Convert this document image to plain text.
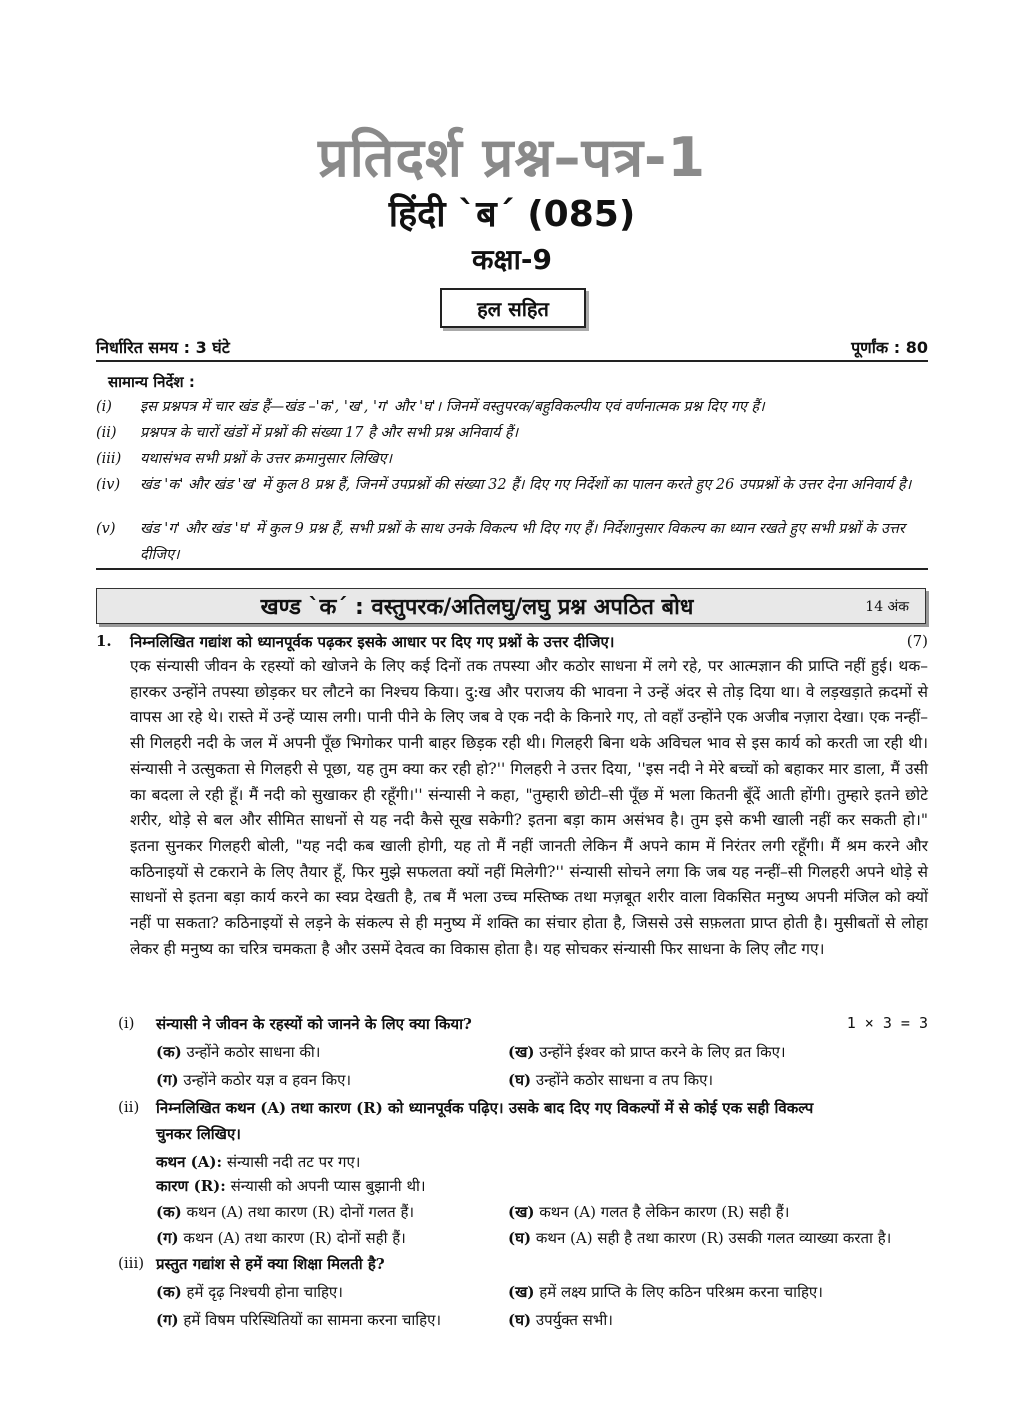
प्रतिदर्श प्रश्न–पत्र-1
हिंदी `ब´ (085)
कक्षा-9
हल सहित
निर्धारित समय : 3 घंटे	पूर्णांक : 80
सामान्य निर्देश :
(i)	इस प्रश्नपत्र में चार खंड हैं—खंड –'क', 'ख', 'ग' और 'घ'। जिनमें वस्तुपरक/बहुविकल्पीय एवं वर्णनात्मक प्रश्न दिए गए हैं।
(ii)	प्रश्नपत्र के चारों खंडों में प्रश्नों की संख्या 17 है और सभी प्रश्न अनिवार्य हैं।
(iii)	यथासंभव सभी प्रश्नों के उत्तर क्रमानुसार लिखिए।
(iv)	खंड 'क' और खंड 'ख' में कुल 8 प्रश्न हैं, जिनमें उपप्रश्नों की संख्या 32 हैं। दिए गए निर्देशों का पालन करते हुए 26 उपप्रश्नों के उत्तर देना अनिवार्य है।
(v)	खंड 'ग' और खंड 'घ' में कुल 9 प्रश्न हैं, सभी प्रश्नों के साथ उनके विकल्प भी दिए गए हैं। निर्देशानुसार विकल्प का ध्यान रखते हुए सभी प्रश्नों के उत्तर दीजिए।
खण्ड `क´ : वस्तुपरक/अतिलघु/लघु प्रश्न अपठित बोध	14 अंक
1. निम्नलिखित गद्यांश को ध्यानपूर्वक पढ़कर इसके आधार पर दिए गए प्रश्नों के उत्तर दीजिए।	(7)
एक संन्यासी जीवन के रहस्यों को खोजने के लिए कई दिनों तक तपस्या और कठोर साधना में लगे रहे, पर आत्मज्ञान की प्राप्ति नहीं हुई। थक–हारकर उन्होंने तपस्या छोड़कर घर लौटने का निश्चय किया। दु:ख और पराजय की भावना ने उन्हें अंदर से तोड़ दिया था। वे लड़खड़ाते क़दमों से वापस आ रहे थे। रास्ते में उन्हें प्यास लगी। पानी पीने के लिए जब वे एक नदी के किनारे गए, तो वहाँ उन्होंने एक अजीब नज़ारा देखा। एक नन्हीं–सी गिलहरी नदी के जल में अपनी पूँछ भिगोकर पानी बाहर छिड़क रही थी। गिलहरी बिना थके अविचल भाव से इस कार्य को करती जा रही थी। संन्यासी ने उत्सुकता से गिलहरी से पूछा, यह तुम क्या कर रही हो?'' गिलहरी ने उत्तर दिया, ''इस नदी ने मेरे बच्चों को बहाकर मार डाला, मैं उसी का बदला ले रही हूँ। मैं नदी को सुखाकर ही रहूँगी।'' संन्यासी ने कहा, "तुम्हारी छोटी–सी पूँछ में भला कितनी बूँदें आती होंगी। तुम्हारे इतने छोटे शरीर, थोड़े से बल और सीमित साधनों से यह नदी कैसे सूख सकेगी? इतना बड़ा काम असंभव है। तुम इसे कभी खाली नहीं कर सकती हो।" इतना सुनकर गिलहरी बोली, "यह नदी कब खाली होगी, यह तो मैं नहीं जानती लेकिन मैं अपने काम में निरंतर लगी रहूँगी। मैं श्रम करने और कठिनाइयों से टकराने के लिए तैयार हूँ, फिर मुझे सफलता क्यों नहीं मिलेगी?'' संन्यासी सोचने लगा कि जब यह नन्हीं–सी गिलहरी अपने थोड़े से साधनों से इतना बड़ा कार्य करने का स्वप्न देखती है, तब मैं भला उच्च मस्तिष्क तथा मज़बूत शरीर वाला विकसित मनुष्य अपनी मंजिल को क्यों नहीं पा सकता? कठिनाइयों से लड़ने के संकल्प से ही मनुष्य में शक्ति का संचार होता है, जिससे उसे सफ़लता प्राप्त होती है। मुसीबतों से लोहा लेकर ही मनुष्य का चरित्र चमकता है और उसमें देवत्व का विकास होता है। यह सोचकर संन्यासी फिर साधना के लिए लौट गए।
(i) संन्यासी ने जीवन के रहस्यों को जानने के लिए क्या किया?	1 × 3 = 3
(क) उन्होंने कठोर साधना की।	(ख) उन्होंने ईश्वर को प्राप्त करने के लिए व्रत किए।
(ग) उन्होंने कठोर यज्ञ व हवन किए।	(घ) उन्होंने कठोर साधना व तप किए।
(ii) निम्नलिखित कथन (A) तथा कारण (R) को ध्यानपूर्वक पढ़िए। उसके बाद दिए गए विकल्पों में से कोई एक सही विकल्प
चुनकर लिखिए।
कथन (A): संन्यासी नदी तट पर गए।
कारण (R): संन्यासी को अपनी प्यास बुझानी थी।
(क) कथन (A) तथा कारण (R) दोनों गलत हैं।	(ख) कथन (A) गलत है लेकिन कारण (R) सही हैं।
(ग) कथन (A) तथा कारण (R) दोनों सही हैं।	(घ) कथन (A) सही है तथा कारण (R) उसकी गलत व्याख्या करता है।
(iii) प्रस्तुत गद्यांश से हमें क्या शिक्षा मिलती है?
(क) हमें दृढ़ निश्चयी होना चाहिए।	(ख) हमें लक्ष्य प्राप्ति के लिए कठिन परिश्रम करना चाहिए।
(ग) हमें विषम परिस्थितियों का सामना करना चाहिए।	(घ) उपर्युक्त सभी।
